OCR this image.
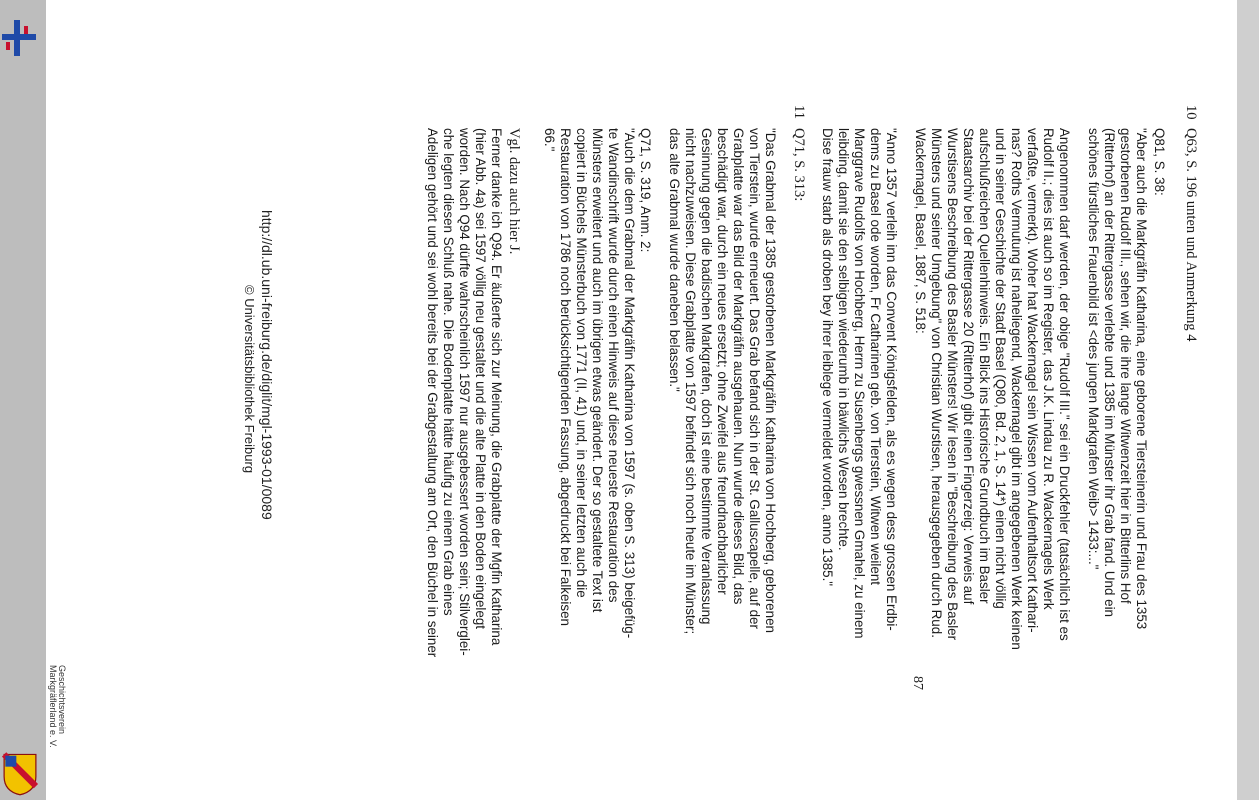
10
Q63, S. 196 unten und Anmerkung 4
Q81, S. 38:
"Aber auch die Markgräfin Katharina, eine geborene Tiersteinerin und Frau des 1353
gestorbenen Rudolf III., sehen wir, die ihre lange Witwenzeit hier in Bitterlins Hof
(Ritterhof) an der Rittergasse verlebte und 1385 im Münster ihr Grab fand. Und ein
schönes fürstliches Frauenbild ist <des jungen Markgrafen Weib> 1433:..."
Angenommen darf werden, der obige "Rudolf III." sei ein Druckfehler (tatsächlich ist es
Rudolf II.; dies ist auch so im Register, das J.K. Lindau zu R. Wackernagels Werk
verfaßte, vermerkt). Woher hat Wackernagel sein Wissen vom Aufenthaltsort Kathari-
nas? Roths Vermutung ist naheliegend, Wackernagel gibt im angegebenen Werk keinen
und in seiner Geschichte der Stadt Basel (Q80, Bd. 2, 1, S. 14*) einen nicht völlig
aufschlußreichen Quellenhinweis. Ein Blick ins Historische Grundbuch im Basler
Staatsarchiv bei der Rittergasse 20 (Ritterhof) gibt einen Fingerzeig: Verweis auf
Wurstisens Beschreibung des Basler Münsters! Wir lesen in "Beschreibung des Basler
Münsters und seiner Umgebung" von Christian Wurstisen, herausgegeben durch Rud.
Wackernagel, Basel, 1887, S. 518:
"Anno 1357 verleih inn das Convent Königsfelden, als es wegen dess grossen Erdbi-
dems zu Basel ode worden, Fr Catharinen geb. von Tierstein, Witwen weilent
Marggrave Rudolfs von Hochberg, Herrn zu Susenbergs gwessnen Gmahel, zu einem
leibding, damit sie den selbigen wiederumb in bäwlichs Wesen brechte.
Dise frauw starb als droben bey ihrer leiblege vermeldet worden, anno 1385."
11
Q71, S. 313:
"Das Grabmal der 1385 gestorbenen Markgräfin Katharina von Hochberg, geborenen
von Tierstein, wurde erneuert. Das Grab befand sich in der St. Galluscapelle, auf der
Grabplatte war das Bild der Markgräfin ausgehauen. Nun wurde dieses Bild, das
beschädigt war, durch ein neues ersetzt; ohne Zweifel aus freundnachbarlicher
Gesinnung gegen die badischen Markgrafen, doch ist eine bestimmte Veranlassung
nicht nachzuweisen. Diese Grabplatte von 1597 befindet sich noch heute im Münster;
das alte Grabmal wurde daneben belassen."
Q71, S. 319, Anm. 2:
"Auch die dem Grabmal der Markgräfin Katharina von 1597 (s. oben S. 313) beigefüg-
te Wandinschrift wurde durch einen Hinweis auf diese neueste Restauration des
Münsters erweitert und auch im übrigen etwas geändert. Der so gestaltete Text ist
copiert in Büchels Münsterbuch von 1771 (II, 41) und, in seiner letzten auch die
Restauration von 1786 noch berücksichtigenden Fassung, abgedruckt bei Falkeisen
66."
Vgl. dazu auch hier J.
Ferner danke ich Q94. Er äußerte sich zur Meinung, die Grabplatte der Mgfin Katharina
(hier Abb. 4a) sei 1597 völlig neu gestaltet und die alte Platte in den Boden eingelegt
worden. Nach Q94 dürfte wahrscheinlich 1597 nur ausgebessert worden sein; Stilverglei-
che legten diesen Schluß nahe. Die Bodenplatte hätte häufig zu einem Grab eines
Adeligen gehört und sei wohl bereits bei der Grabgestaltung am Ort, den Büchel in seiner
87
http://dl.ub.uni-freiburg.de/diglit/mgl-1993-01/0089
© Universitätsbibliothek Freiburg
Geschichtsverein
Markgräflerland e. V.
